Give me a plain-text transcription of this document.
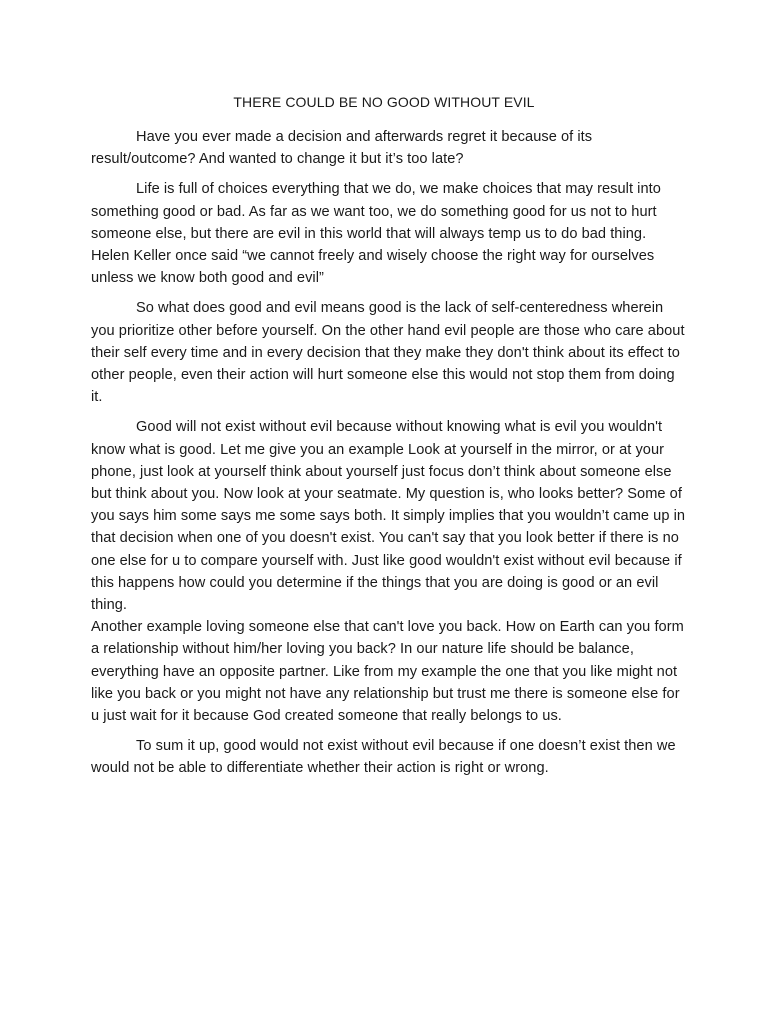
THERE COULD BE NO GOOD WITHOUT EVIL

Have you ever made a decision and afterwards regret it because of its result/outcome? And wanted to change it but it’s too late?

Life is full of choices everything that we do, we make choices that may result into something good or bad. As far as we want too, we do something good for us not to hurt someone else, but there are evil in this world that will always temp us to do bad thing. Helen Keller once said “we cannot freely and wisely choose the right way for ourselves unless we know both good and evil”

So what does good and evil means good is the lack of self-centeredness wherein you prioritize other before yourself. On the other hand evil people are those who care about their self every time and in every decision that they make they don't think about its effect to other people, even their action will hurt someone else this would not stop them from doing it.

Good will not exist without evil because without knowing what is evil you wouldn't know what is good. Let me give you an example Look at yourself in the mirror, or at your phone, just look at yourself think about yourself just focus don’t think about someone else but think about you. Now look at your seatmate. My question is, who looks better? Some of you says him some says me some says both. It simply implies that you wouldn’t came up in that decision when one of you doesn't exist. You can't say that you look better if there is no one else for u to compare yourself with. Just like good wouldn't exist without evil because if this happens how could you determine if the things that you are doing is good or an evil thing.

Another example loving someone else that can't love you back. How on Earth can you form a relationship without him/her loving you back? In our nature life should be balance, everything have an opposite partner. Like from my example the one that you like might not like you back or you might not have any relationship but trust me there is someone else for u just wait for it because God created someone that really belongs to us.

To sum it up, good would not exist without evil because if one doesn’t exist then we would not be able to differentiate whether their action is right or wrong.
